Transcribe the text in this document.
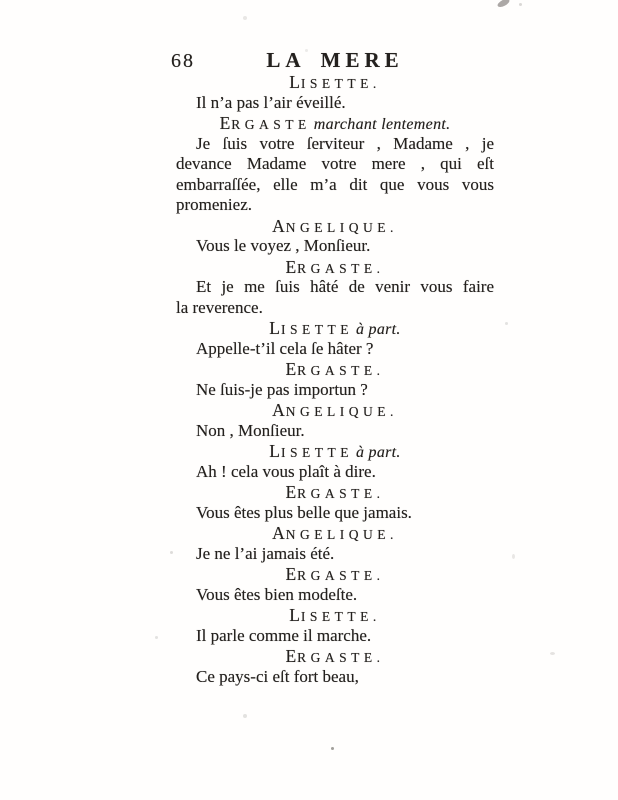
68	LA MERE
LISETTE.
Il n’a pas l’air éveillé.
ERGASTE marchant lentement.
Je ſuis votre ſerviteur , Madame , je
devance Madame votre mere , qui eſt
embarraſſée, elle m’a dit que vous vous
promeniez.
ANGELIQUE.
Vous le voyez , Monſieur.
ERGASTE.
Et je me ſuis hâté de venir vous faire
la reverence.
LISETTE à part.
Appelle-t’il cela ſe hâter ?
ERGASTE.
Ne ſuis-je pas importun ?
ANGELIQUE.
Non , Monſieur.
LISETTE à part.
Ah ! cela vous plaît à dire.
ERGASTE.
Vous êtes plus belle que jamais.
ANGELIQUE.
Je ne l’ai jamais été.
ERGASTE.
Vous êtes bien modeſte.
LISETTE.
Il parle comme il marche.
ERGASTE.
Ce pays-ci eſt fort beau,
